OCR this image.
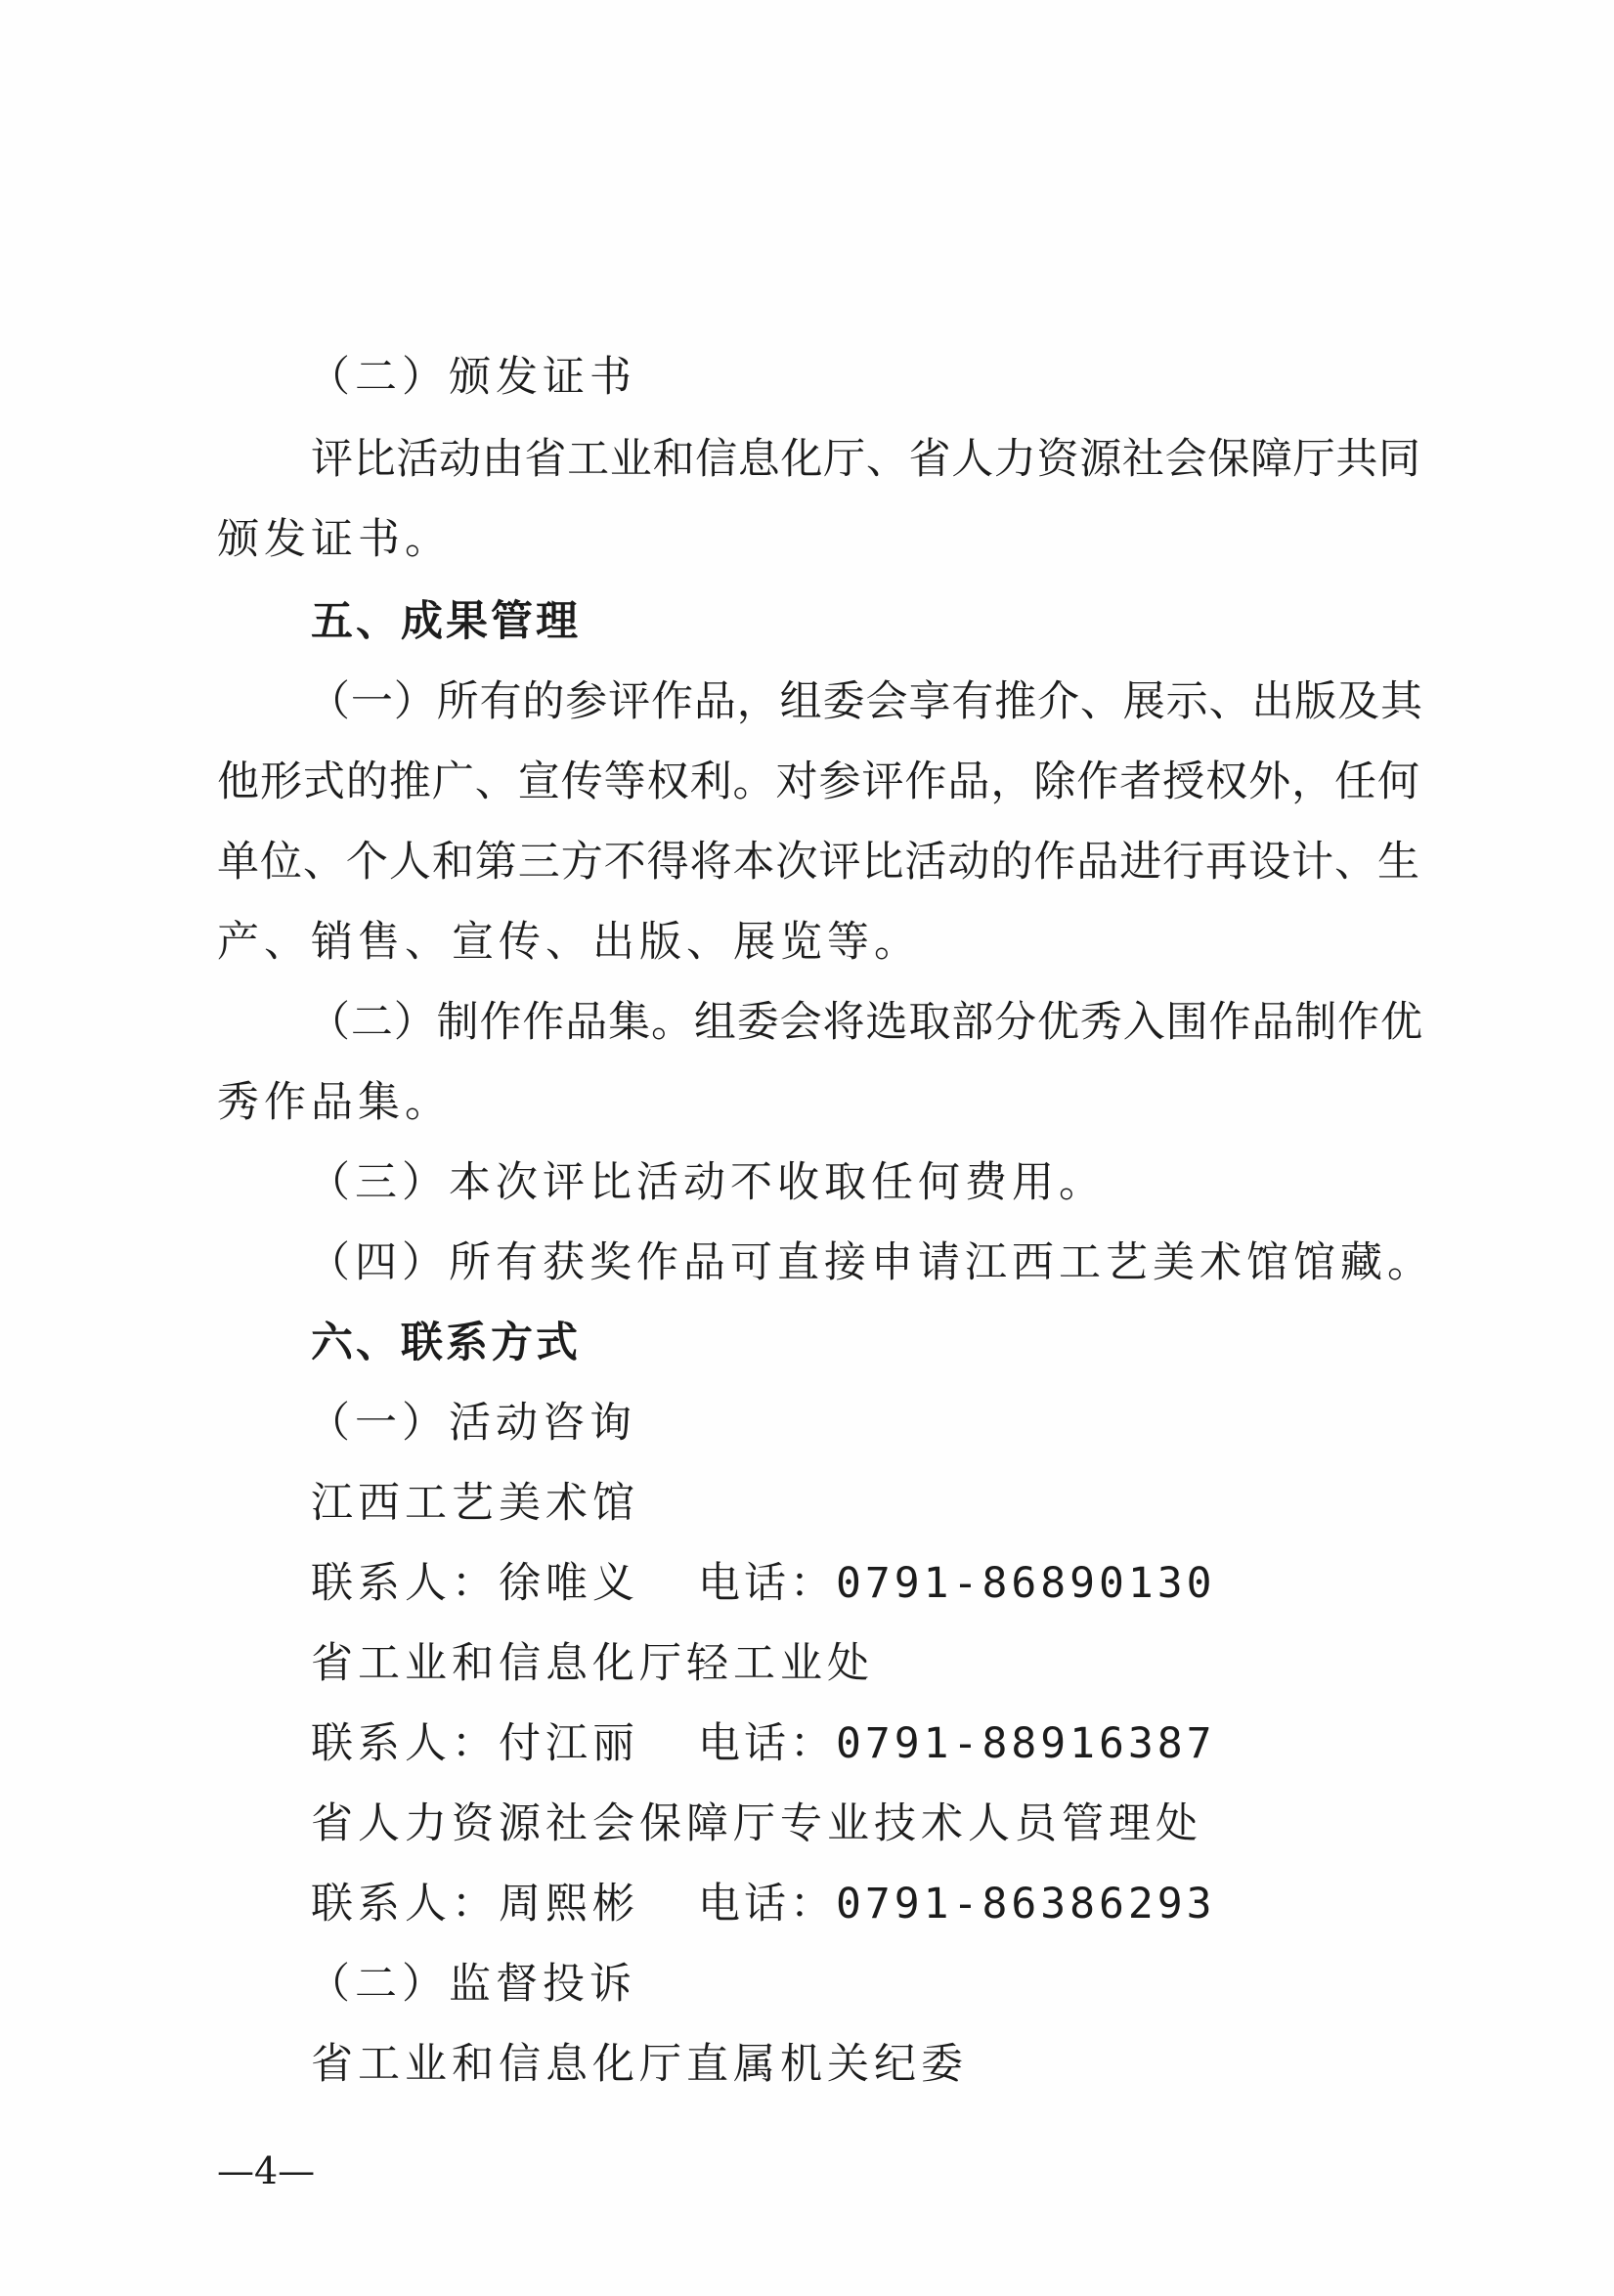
（二）颁发证书

评比活动由省工业和信息化厅、省人力资源社会保障厅共同

颁发证书。

五、成果管理

（一）所有的参评作品，组委会享有推介、展示、出版及其

他形式的推广、宣传等权利。对参评作品，除作者授权外，任何

单位、个人和第三方不得将本次评比活动的作品进行再设计、生

产、销售、宣传、出版、展览等。

（二）制作作品集。组委会将选取部分优秀入围作品制作优

秀作品集。

（三）本次评比活动不收取任何费用。

（四）所有获奖作品可直接申请江西工艺美术馆馆藏。

六、联系方式

（一）活动咨询

江西工艺美术馆

联系人：徐唯义 电话：0791-86890130

省工业和信息化厅轻工业处

联系人：付江丽 电话：0791-88916387

省人力资源社会保障厅专业技术人员管理处

联系人：周熙彬 电话：0791-86386293

（二）监督投诉

省工业和信息化厅直属机关纪委

—4—
